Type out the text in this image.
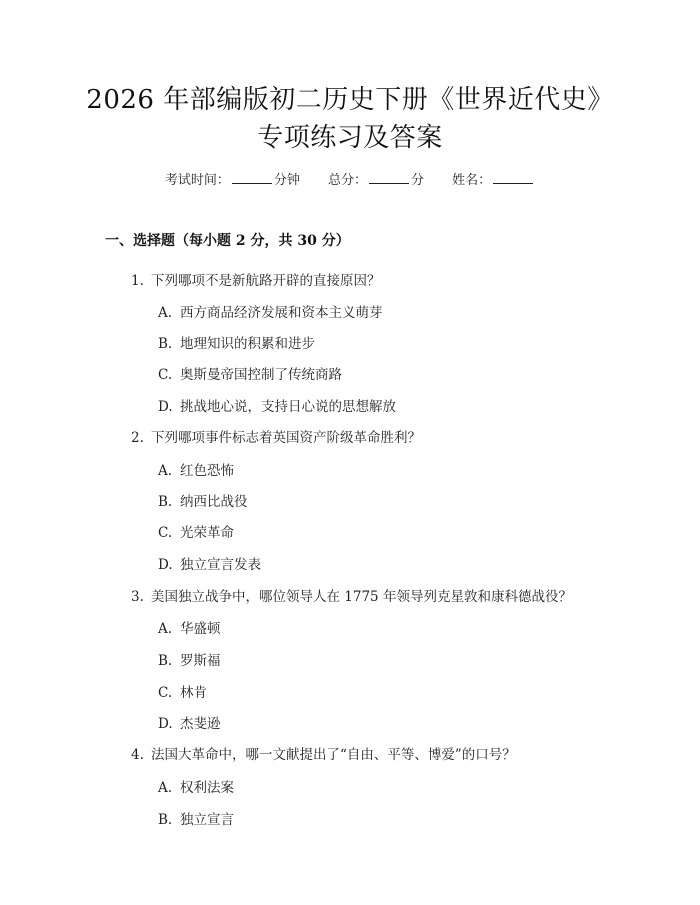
2026 年部编版初二历史下册《世界近代史》
专项练习及答案
考试时间：	分钟 总分：	分 姓名：
一、选择题（每小题 2 分，共 30 分）
1. 下列哪项不是新航路开辟的直接原因？
A. 西方商品经济发展和资本主义萌芽
B. 地理知识的积累和进步
C. 奥斯曼帝国控制了传统商路
D. 挑战地心说，支持日心说的思想解放
2. 下列哪项事件标志着英国资产阶级革命胜利？
A. 红色恐怖
B. 纳西比战役
C. 光荣革命
D. 独立宣言发表
3. 美国独立战争中，哪位领导人在 1775 年领导列克星敦和康科德战役？
A. 华盛顿
B. 罗斯福
C. 林肯
D. 杰斐逊
4. 法国大革命中，哪一文献提出了“自由、平等、博爱”的口号？
A. 权利法案
B. 独立宣言
